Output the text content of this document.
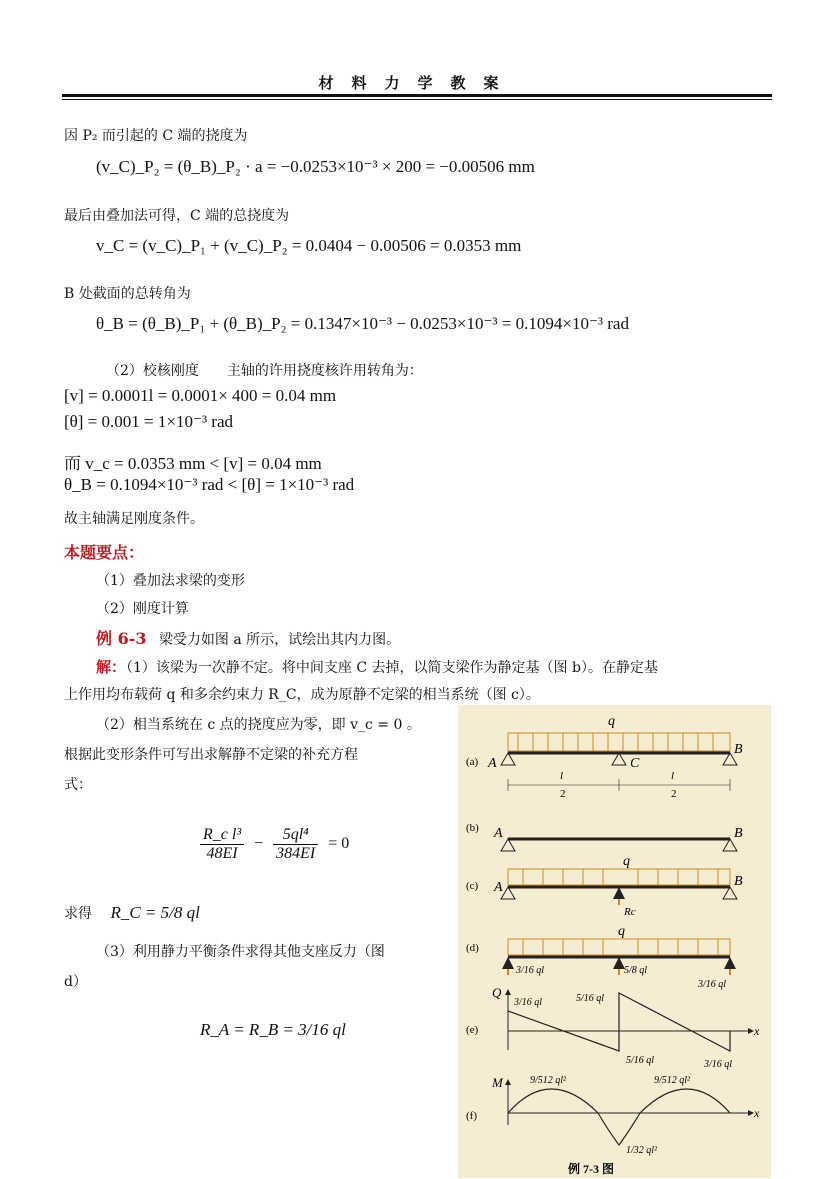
材料力学教案
因 P₂ 而引起的 C 端的挠度为
(v_C)_P₂ = (θ_B)_P₂ · a = −0.0253×10⁻³ × 200 = −0.00506 mm
最后由叠加法可得，C 端的总挠度为
v_C = (v_C)_P₁ + (v_C)_P₂ = 0.0404 − 0.00506 = 0.0353 mm
B 处截面的总转角为
θ_B = (θ_B)_P₁ + (θ_B)_P₂ = 0.1347×10⁻³ − 0.0253×10⁻³ = 0.1094×10⁻³ rad
（2）校核刚度　　主轴的许用挠度核许用转角为：
[v] = 0.0001l = 0.0001× 400 = 0.04 mm
[θ] = 0.001 = 1×10⁻³ rad
而 v_c = 0.0353 mm < [v] = 0.04 mm
θ_B = 0.1094×10⁻³ rad < [θ] = 1×10⁻³ rad
故主轴满足刚度条件。
本题要点：
（1）叠加法求梁的变形
（2）刚度计算
例 6-3 梁受力如图 a 所示，试绘出其内力图。
解：（1）该梁为一次静不定。将中间支座 C 去掉，以简支梁作为静定基（图 b）。在静定基
上作用均布载荷 q 和多余约束力 R_C，成为原静不定梁的相当系统（图 c）。
（2）相当系统在 c 点的挠度应为零，即 v_c = 0 。
根据此变形条件可写出求解静不定梁的补充方程
式：
$\frac{\text{R\_c l³}}{48EI} - \frac{\text{5ql⁴}}{384EI} = 0$
求得 R_C = 5/8 ql
（3）利用静力平衡条件求得其他支座反力（图
d）
R_A = R_B = 3/16 ql
(a)
q
A	C
B
l
2
l
2
(b) A	B
(c)
q
Rc
A	B
(d)
q
3/16 ql	5/8 ql
3/16 ql
(e)
Q
x
3/16 ql	5/16 ql
5/16 ql	3/16 ql
(f)
M
x
9/512 ql²	9/512 ql²
1/32 ql²
例 7-3 图
